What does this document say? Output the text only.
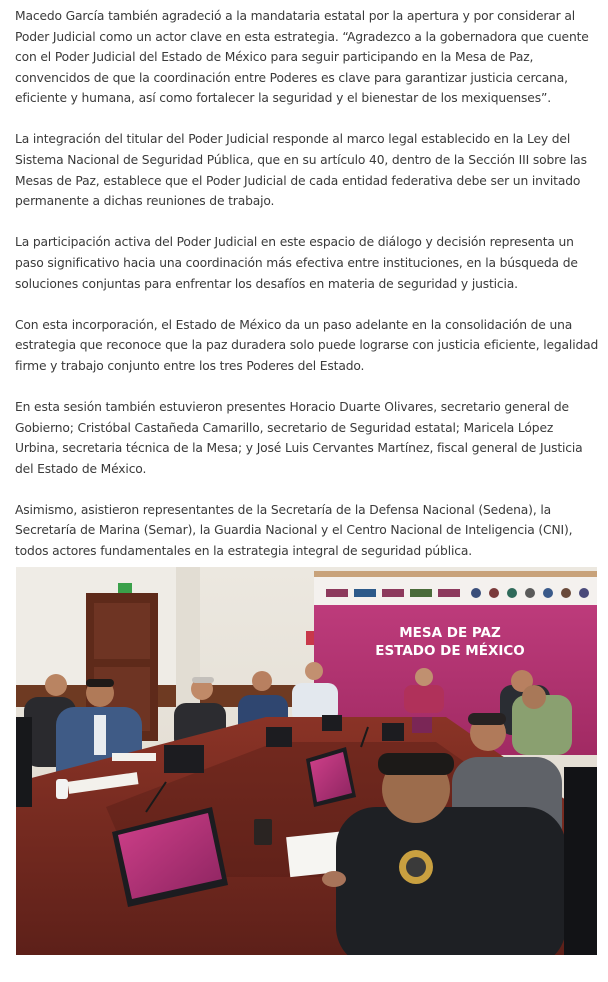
Macedo García también agradeció a la mandataria estatal por la apertura y por considerar al Poder Judicial como un actor clave en esta estrategia. “Agradezco a la gobernadora que cuente con el Poder Judicial del Estado de México para seguir participando en la Mesa de Paz, convencidos de que la coordinación entre Poderes es clave para garantizar justicia cercana, eficiente y humana, así como fortalecer la seguridad y el bienestar de los mexiquenses”.

La integración del titular del Poder Judicial responde al marco legal establecido en la Ley del Sistema Nacional de Seguridad Pública, que en su artículo 40, dentro de la Sección III sobre las Mesas de Paz, establece que el Poder Judicial de cada entidad federativa debe ser un invitado permanente a dichas reuniones de trabajo.

La participación activa del Poder Judicial en este espacio de diálogo y decisión representa un paso significativo hacia una coordinación más efectiva entre instituciones, en la búsqueda de soluciones conjuntas para enfrentar los desafíos en materia de seguridad y justicia.

Con esta incorporación, el Estado de México da un paso adelante en la consolidación de una estrategia que reconoce que la paz duradera solo puede lograrse con justicia eficiente, legalidad firme y trabajo conjunto entre los tres Poderes del Estado.

En esta sesión también estuvieron presentes Horacio Duarte Olivares, secretario general de Gobierno; Cristóbal Castañeda Camarillo, secretario de Seguridad estatal; Maricela López Urbina, secretaria técnica de la Mesa; y José Luis Cervantes Martínez, fiscal general de Justicia del Estado de México.

Asimismo, asistieron representantes de la Secretaría de la Defensa Nacional (Sedena), la Secretaría de Marina (Semar), la Guardia Nacional y el Centro Nacional de Inteligencia (CNI), todos actores fundamentales en la estrategia integral de seguridad pública.

MESA DE PAZ
ESTADO DE MÉXICO
